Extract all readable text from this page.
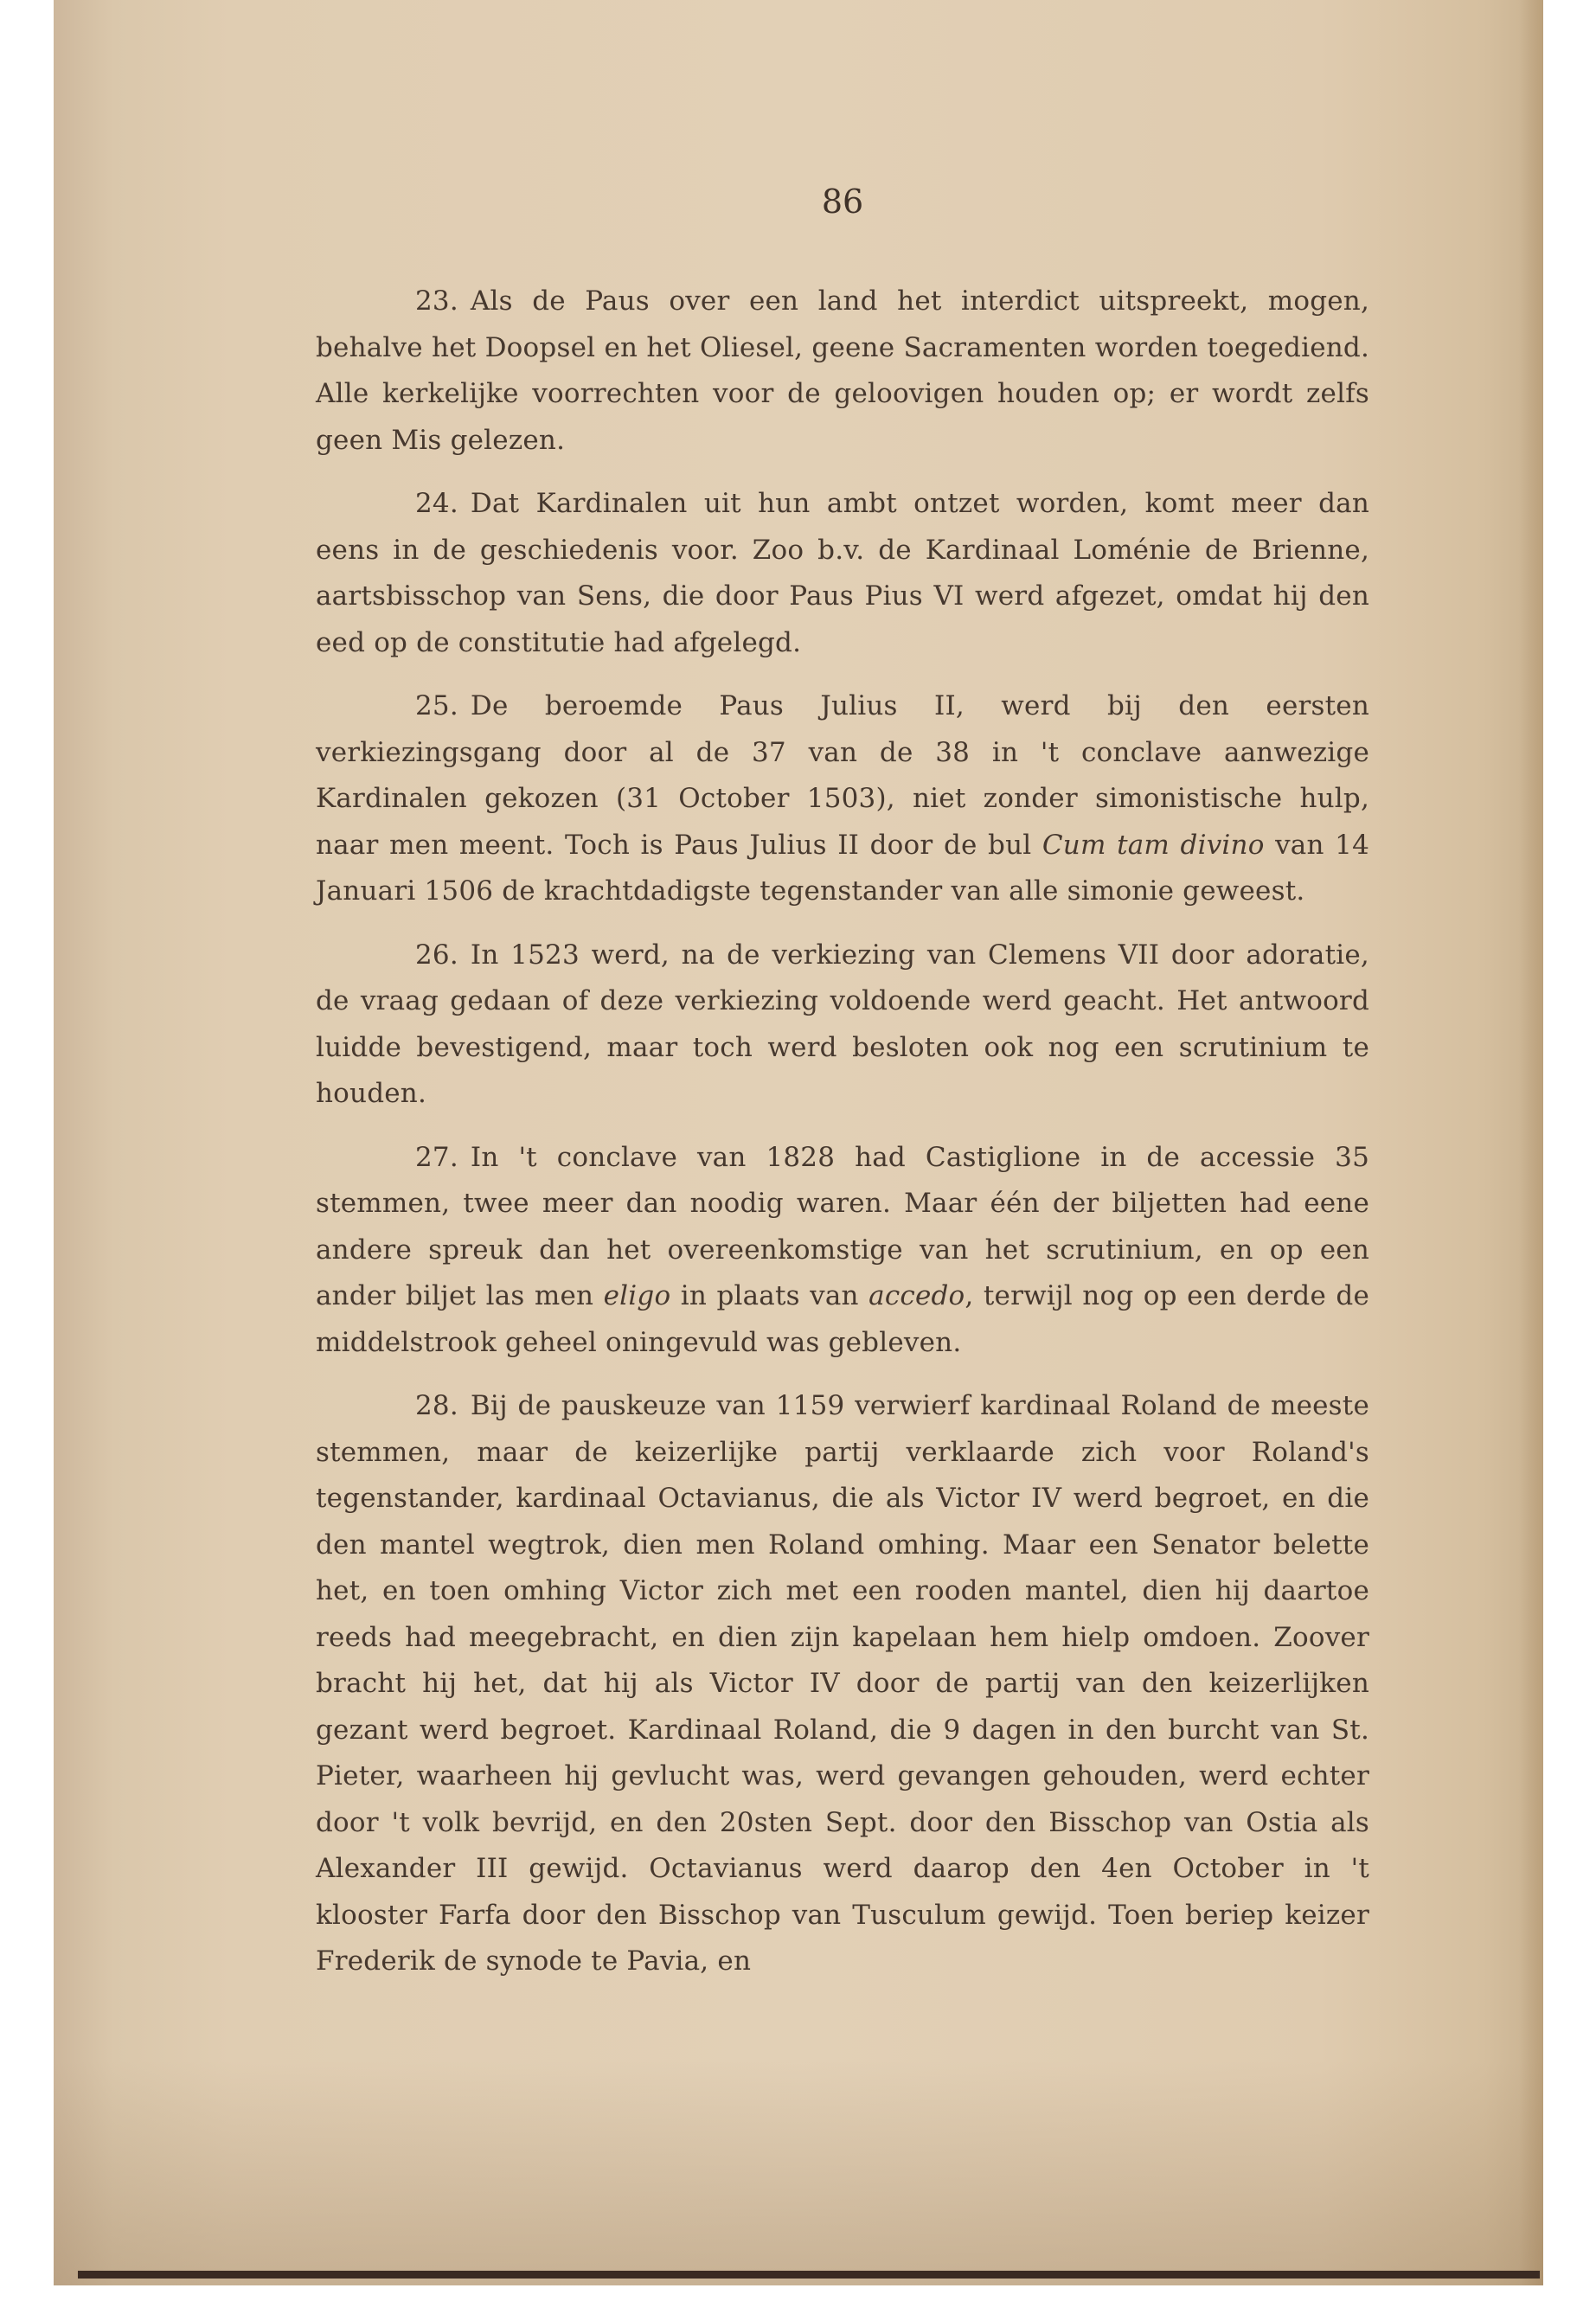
86

23. Als de Paus over een land het interdict uitspreekt, mogen, behalve het Doopsel en het Oliesel, geene Sacramenten worden toegediend. Alle kerkelijke voorrechten voor de geloovigen houden op; er wordt zelfs geen Mis gelezen.

24. Dat Kardinalen uit hun ambt ontzet worden, komt meer dan eens in de geschiedenis voor. Zoo b.v. de Kardinaal Loménie de Brienne, aartsbisschop van Sens, die door Paus Pius VI werd afgezet, omdat hij den eed op de constitutie had afgelegd.

25. De beroemde Paus Julius II, werd bij den eersten verkiezingsgang door al de 37 van de 38 in 't conclave aanwezige Kardinalen gekozen (31 October 1503), niet zonder simonistische hulp, naar men meent. Toch is Paus Julius II door de bul Cum tam divino van 14 Januari 1506 de krachtdadigste tegenstander van alle simonie geweest.

26. In 1523 werd, na de verkiezing van Clemens VII door adoratie, de vraag gedaan of deze verkiezing voldoende werd geacht. Het antwoord luidde bevestigend, maar toch werd besloten ook nog een scrutinium te houden.

27. In 't conclave van 1828 had Castiglione in de accessie 35 stemmen, twee meer dan noodig waren. Maar één der biljetten had eene andere spreuk dan het overeenkomstige van het scrutinium, en op een ander biljet las men eligo in plaats van accedo, terwijl nog op een derde de middelstrook geheel oningevuld was gebleven.

28. Bij de pauskeuze van 1159 verwierf kardinaal Roland de meeste stemmen, maar de keizerlijke partij verklaarde zich voor Roland's tegenstander, kardinaal Octavianus, die als Victor IV werd begroet, en die den mantel wegtrok, dien men Roland omhing. Maar een Senator belette het, en toen omhing Victor zich met een rooden mantel, dien hij daartoe reeds had meegebracht, en dien zijn kapelaan hem hielp omdoen. Zoover bracht hij het, dat hij als Victor IV door de partij van den keizerlijken gezant werd begroet. Kardinaal Roland, die 9 dagen in den burcht van St. Pieter, waarheen hij gevlucht was, werd gevangen gehouden, werd echter door 't volk bevrijd, en den 20sten Sept. door den Bisschop van Ostia als Alexander III gewijd. Octavianus werd daarop den 4en October in 't klooster Farfa door den Bisschop van Tusculum gewijd. Toen beriep keizer Frederik de synode te Pavia, en
